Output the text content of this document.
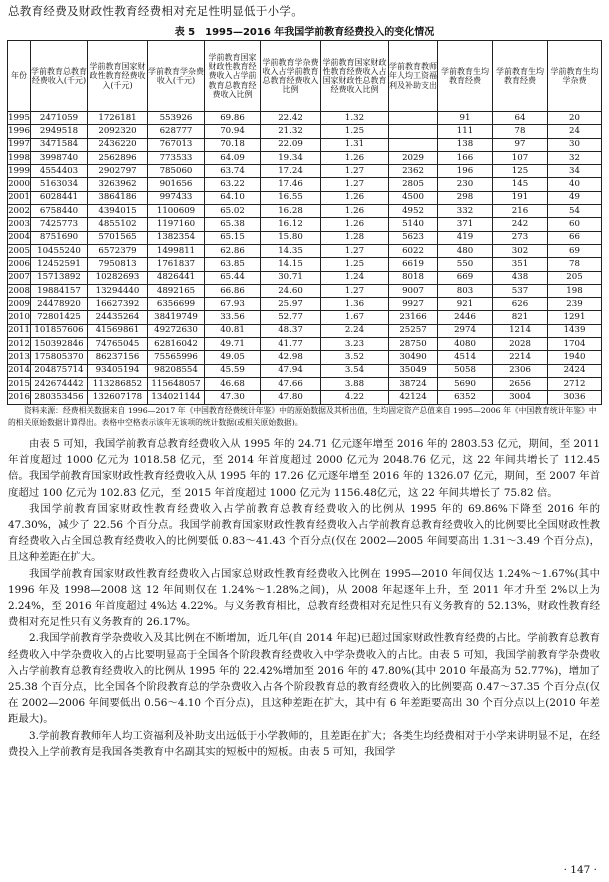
总教育经费及财政性教育经费相对充足性明显低于小学。
表 5　1995—2016 年我国学前教育经费投入的变化情况
年份	学前教育总教育经费收入(千元)	学前教育国家财政性教育经费收入(千元)	学前教育学杂费收入(千元)	学前教育国家财政性教育经费收入占学前教育总教育经费收入比例	学前教育学杂费收入占学前教育总教育经费收入比例	学前教育国家财政性教育经费收入占国家财政性总教育经费收入比例	学前教育教师年人均工资福利及补助支出	学前教育生均教育经费	学前教育生均教育经费	学前教育生均学杂费
1995	2471059	1726181	553926	69.86	22.42	1.32		91	64	20
1996	2949518	2092320	628777	70.94	21.32	1.25		111	78	24
1997	3471584	2436220	767013	70.18	22.09	1.31		138	97	30
1998	3998740	2562896	773533	64.09	19.34	1.26	2029	166	107	32
1999	4554403	2902797	785060	63.74	17.24	1.27	2362	196	125	34
2000	5163034	3263962	901656	63.22	17.46	1.27	2805	230	145	40
2001	6028441	3864186	997433	64.10	16.55	1.26	4500	298	191	49
2002	6758440	4394015	1100609	65.02	16.28	1.26	4952	332	216	54
2003	7425773	4855102	1197160	65.38	16.12	1.26	5140	371	242	60
2004	8751690	5701565	1382354	65.15	15.80	1.28	5623	419	273	66
2005	10455240	6572379	1499811	62.86	14.35	1.27	6022	480	302	69
2006	12452591	7950813	1761837	63.85	14.15	1.25	6619	550	351	78
2007	15713892	10282693	4826441	65.44	30.71	1.24	8018	669	438	205
2008	19884157	13294440	4892165	66.86	24.60	1.27	9007	803	537	198
2009	24478920	16627392	6356699	67.93	25.97	1.36	9927	921	626	239
2010	72801425	24435264	38419749	33.56	52.77	1.67	23166	2446	821	1291
2011	101857606	41569861	49272630	40.81	48.37	2.24	25257	2974	1214	1439
2012	150392846	74765045	62816042	49.71	41.77	3.23	28750	4080	2028	1704
2013	175805370	86237156	75565996	49.05	42.98	3.52	30490	4514	2214	1940
2014	204875714	93405194	98208554	45.59	47.94	3.54	35049	5058	2306	2424
2015	242674442	113286852	115648057	46.68	47.66	3.88	38724	5690	2656	2712
2016	280353456	132607178	134021144	47.30	47.80	4.22	42124	6352	3004	3036
资料来源：经费相关数据来自 1996—2017 年《中国教育经费统计年鉴》中的原始数据及其析出值，生均固定资产总值来自 1995—2006 年《中国教育统计年鉴》中的相关原始数据计算得出。表格中空格表示该年无该项的统计数据(或相关原始数据)。

由表 5 可知，我国学前教育总教育经费收入从 1995 年的 24.71 亿元逐年增至 2016 年的 2803.53 亿元，期间，至 2011 年首度超过 1000 亿元为 1018.58 亿元，至 2014 年首度超过 2000 亿元为 2048.76 亿元，这 22 年间共增长了 112.45 倍。我国学前教育国家财政性教育经费收入从 1995 年的 17.26 亿元逐年增至 2016 年的 1326.07 亿元，期间，至 2007 年首度超过 100 亿元为 102.83 亿元，至 2015 年首度超过 1000 亿元为 1156.48亿元，这 22 年间共增长了 75.82 倍。

我国学前教育国家财政性教育经费收入占学前教育总教育经费收入的比例从 1995 年的 69.86%下降至 2016 年的 47.30%，减少了 22.56 个百分点。我国学前教育国家财政性教育经费收入占学前教育总教育经费收入的比例要比全国财政性教育经费收入占全国总教育经费收入的比例要低 0.83～41.43 个百分点(仅在 2002—2005 年间要高出 1.31～3.49 个百分点)，且这种差距在扩大。

我国学前教育国家财政性教育经费收入占国家总财政性教育经费收入比例在 1995—2010 年间仅达 1.24%～1.67%(其中 1996 年及 1998—2008 这 12 年间则仅在 1.24%～1.28%之间)，从 2008 年起逐年上升，至 2011 年才升至 2%以上为 2.24%，至 2016 年首度超过 4%达 4.22%。与义务教育相比，总教育经费相对充足性只有义务教育的 52.13%，财政性教育经费相对充足性只有义务教育的 26.17%。

2.我国学前教育学杂费收入及其比例在不断增加，近几年(自 2014 年起)已超过国家财政性教育经费的占比。学前教育总教育经费收入中学杂费收入的占比要明显高于全国各个阶段教育经费收入中学杂费收入的占比。由表 5 可知，我国学前教育学杂费收入占学前教育总教育经费收入的比例从 1995 年的 22.42%增加至 2016 年的 47.80%(其中 2010 年最高为 52.77%)，增加了 25.38 个百分点，比全国各个阶段教育总的学杂费收入占各个阶段教育总的教育经费收入的比例要高 0.47～37.35 个百分点(仅在 2002—2006 年间要低出 0.56～4.10 个百分点)，且这种差距在扩大，其中有 6 年差距要高出 30 个百分点以上(2010 年差距最大)。

3.学前教育教师年人均工资福利及补助支出远低于小学教师的，且差距在扩大；各类生均经费相对于小学来讲明显不足，在经费投入上学前教育是我国各类教育中名副其实的短板中的短板。由表 5 可知，我国学

· 147 ·
